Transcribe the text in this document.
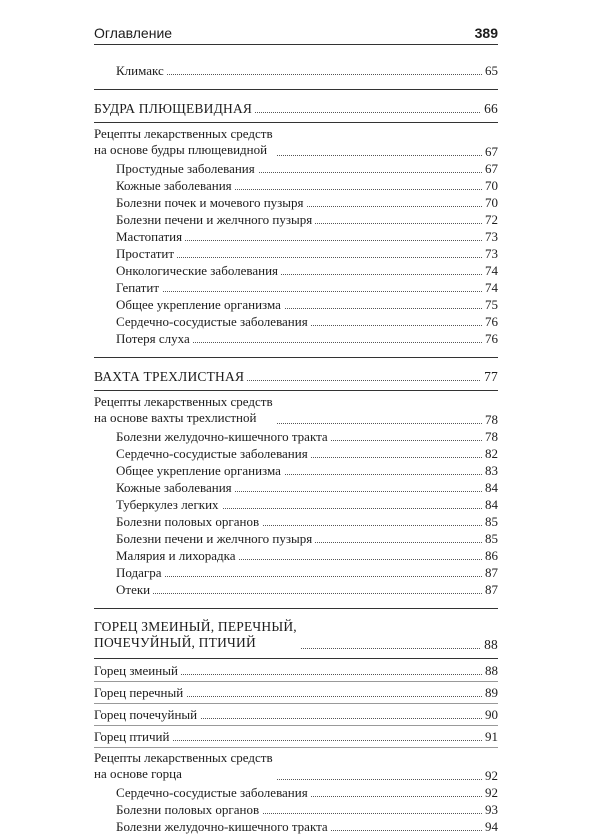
Оглавление	389
Климакс	65
БУДРА ПЛЮЩЕВИДНАЯ	66
Рецепты лекарственных средств
на основе будры плющевидной	67
Простудные заболевания	67
Кожные заболевания	70
Болезни почек и мочевого пузыря	70
Болезни печени и желчного пузыря	72
Мастопатия	73
Простатит	73
Онкологические заболевания	74
Гепатит	74
Общее укрепление организма	75
Сердечно-сосудистые заболевания	76
Потеря слуха	76
ВАХТА ТРЕХЛИСТНАЯ	77
Рецепты лекарственных средств
на основе вахты трехлистной	78
Болезни желудочно-кишечного тракта	78
Сердечно-сосудистые заболевания	82
Общее укрепление организма	83
Кожные заболевания	84
Туберкулез легких	84
Болезни половых органов	85
Болезни печени и желчного пузыря	85
Малярия и лихорадка	86
Подагра	87
Отеки	87
ГОРЕЦ ЗМЕИНЫЙ, ПЕРЕЧНЫЙ,
ПОЧЕЧУЙНЫЙ, ПТИЧИЙ	88
Горец змеиный	88
Горец перечный	89
Горец почечуйный	90
Горец птичий	91
Рецепты лекарственных средств
на основе горца	92
Сердечно-сосудистые заболевания	92
Болезни половых органов	93
Болезни желудочно-кишечного тракта	94
